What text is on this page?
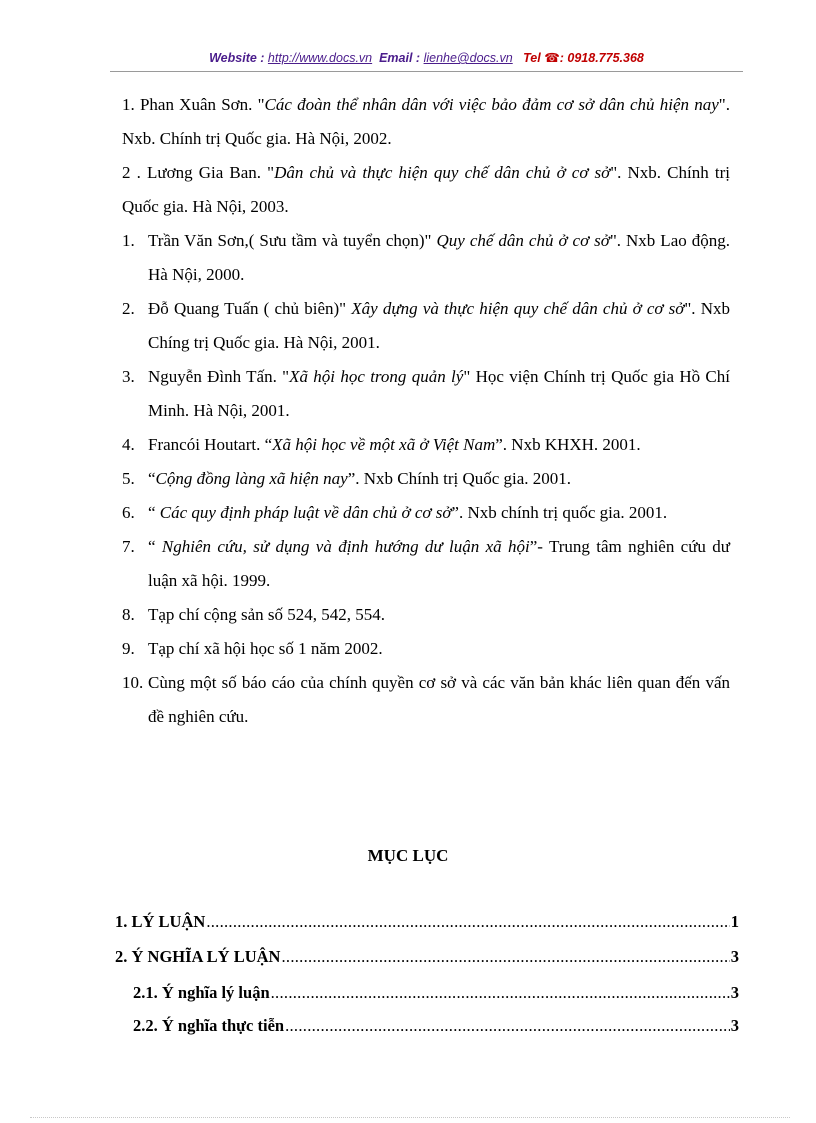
Website : http://www.docs.vn Email : lienhe@docs.vn Tel ☎: 0918.775.368
1. Phan Xuân Sơn. "Các đoàn thể nhân dân với việc bảo đảm cơ sở dân chủ hiện nay". Nxb. Chính trị Quốc gia. Hà Nội, 2002.
2 . Lương Gia Ban. "Dân chủ và thực hiện quy chế dân chủ ở cơ sở". Nxb. Chính trị Quốc gia. Hà Nội, 2003.
1. Trần Văn Sơn,( Sưu tầm và tuyển chọn)" Quy chế dân chủ ở cơ sở". Nxb Lao động. Hà Nội, 2000.
2. Đỗ Quang Tuấn ( chủ biên)" Xây dựng và thực hiện quy chế dân chủ ở cơ sở". Nxb Chíng trị Quốc gia. Hà Nội, 2001.
3. Nguyễn Đình Tấn. "Xã hội học trong quản lý" Học viện Chính trị Quốc gia Hồ Chí Minh. Hà Nội, 2001.
4. Francói Houtart. “Xã hội học về một xã ở Việt Nam”. Nxb KHXH. 2001.
5. “Cộng đồng làng xã hiện nay”. Nxb Chính trị Quốc gia. 2001.
6. “ Các quy định pháp luật về dân chủ ở cơ sở”. Nxb chính trị quốc gia. 2001.
7. “ Nghiên cứu, sử dụng và định hướng dư luận xã hội”- Trung tâm nghiên cứu dư luận xã hội. 1999.
8. Tạp chí cộng sản số 524, 542, 554.
9. Tạp chí xã hội học số 1 năm 2002.
10. Cùng một số báo cáo của chính quyền cơ sở và các văn bản khác liên quan đến vấn đề nghiên cứu.
MỤC LỤC
1. LÝ LUẬN .....	1
2. Ý NGHĨA LÝ LUẬN .....	3
2.1. Ý nghĩa lý luận .....	3
2.2. Ý nghĩa thực tiễn .....	3
